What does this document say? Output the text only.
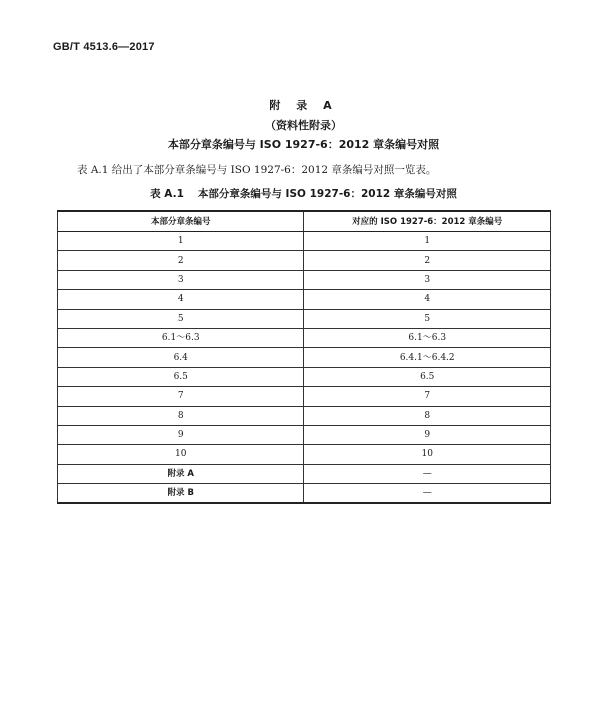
GB/T 4513.6—2017
附 录 A
（资料性附录）
本部分章条编号与 ISO 1927-6：2012 章条编号对照
表 A.1 给出了本部分章条编号与 ISO 1927-6：2012 章条编号对照一览表。
表 A.1 本部分章条编号与 ISO 1927-6：2012 章条编号对照
本部分章条编号	对应的 ISO 1927-6：2012 章条编号
1	1
2	2
3	3
4	4
5	5
6.1～6.3	6.1～6.3
6.4	6.4.1～6.4.2
6.5	6.5
7	7
8	8
9	9
10	10
附录 A	—
附录 B	—
